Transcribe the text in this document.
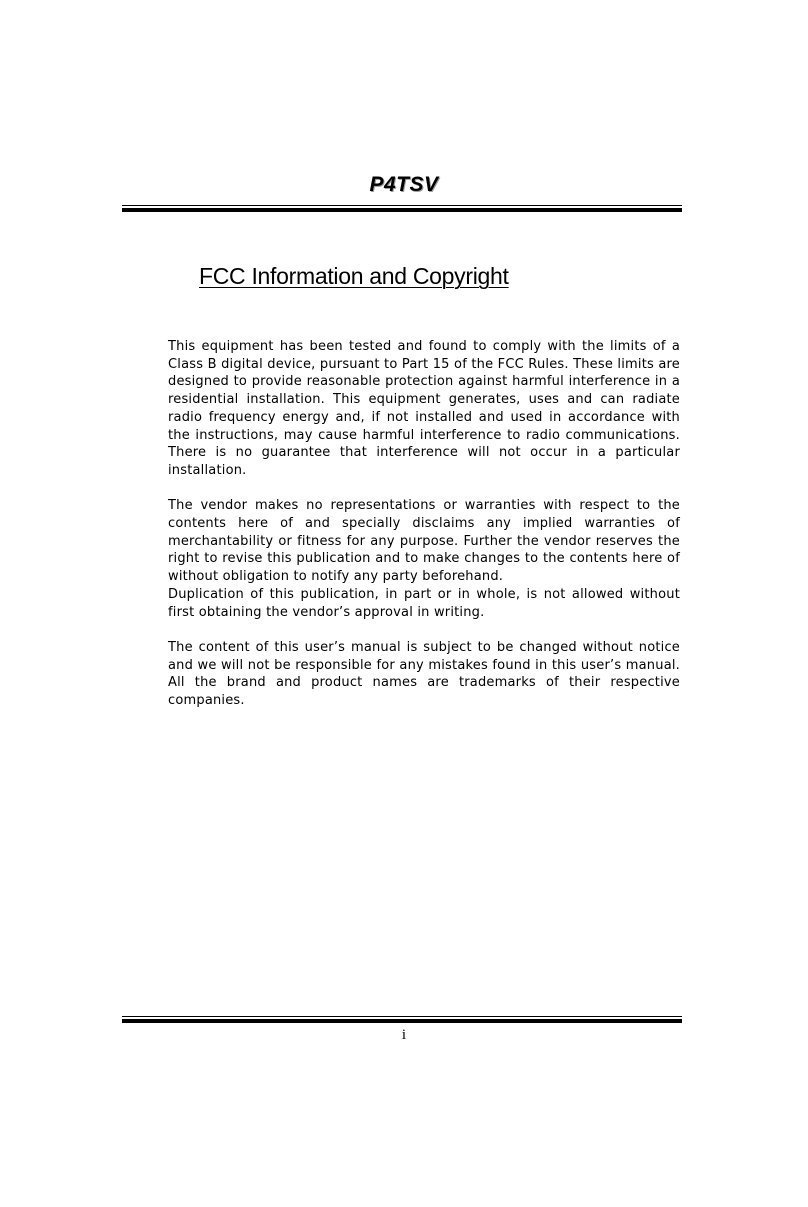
P4TSV
FCC Information and Copyright

This equipment has been tested and found to comply with the limits of a Class B digital device, pursuant to Part 15 of the FCC Rules. These limits are designed to provide reasonable protection against harmful interference in a residential installation. This equipment generates, uses and can radiate radio frequency energy and, if not installed and used in accordance with the instructions, may cause harmful interference to radio communications. There is no guarantee that interference will not occur in a particular installation.

The vendor makes no representations or warranties with respect to the contents here of and specially disclaims any implied warranties of merchantability or fitness for any purpose. Further the vendor reserves the right to revise this publication and to make changes to the contents here of without obligation to notify any party beforehand.

Duplication of this publication, in part or in whole, is not allowed without first obtaining the vendor’s approval in writing.

The content of this user’s manual is subject to be changed without notice and we will not be responsible for any mistakes found in this user’s manual. All the brand and product names are trademarks of their respective companies.

i
